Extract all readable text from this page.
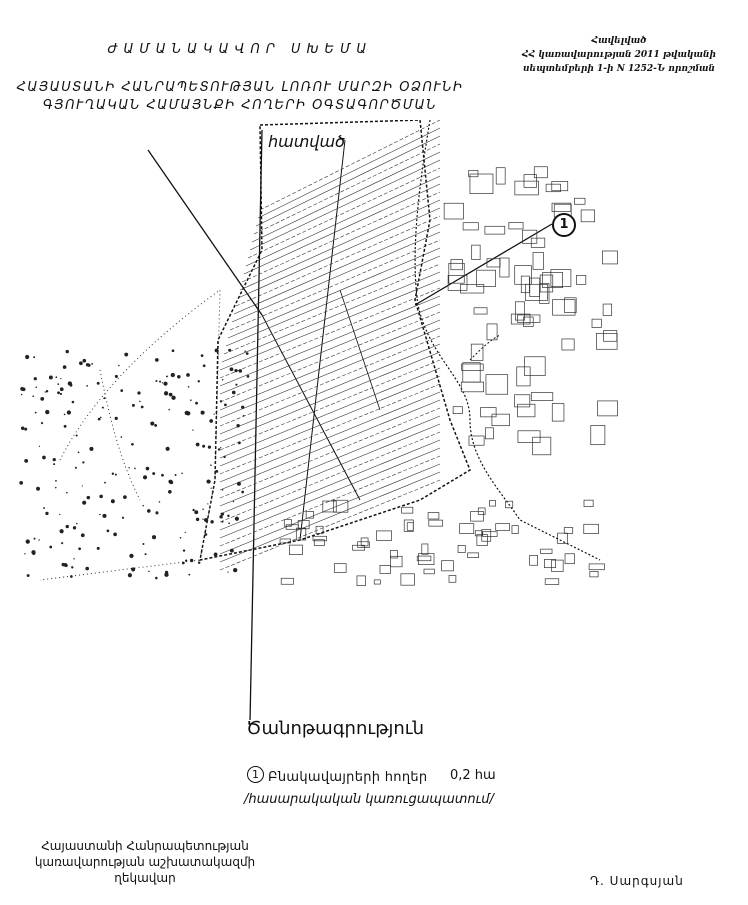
ԺԱՄԱՆԱԿԱՎՈՐ ՍԽԵՄԱ
ՀԱՅԱՍՏԱՆԻ ՀԱՆՐԱՊԵՏՈՒԹՅԱՆ ԼՈՌՈՒ ՄԱՐԶԻ ՕՁՈՒՆԻ
ԳՅՈՒՂԱԿԱՆ ՀԱՄԱՅՆՔԻ ՀՈՂԵՐԻ ՕԳՏԱԳՈՐԾՄԱՆ
Հավելված
ՀՀ կառավարության 2011 թվականի
սեպտեմբերի 1-ի N 1252-Ն որոշման
հատված
1
Ծանոթագրություն
1 Բնակավայրերի հողեր 0,2 հա
/հասարակական կառուցապատում/
Հայաստանի Հանրապետության
կառավարության աշխատակազմի
ղեկավար	Դ. Սարգսյան
